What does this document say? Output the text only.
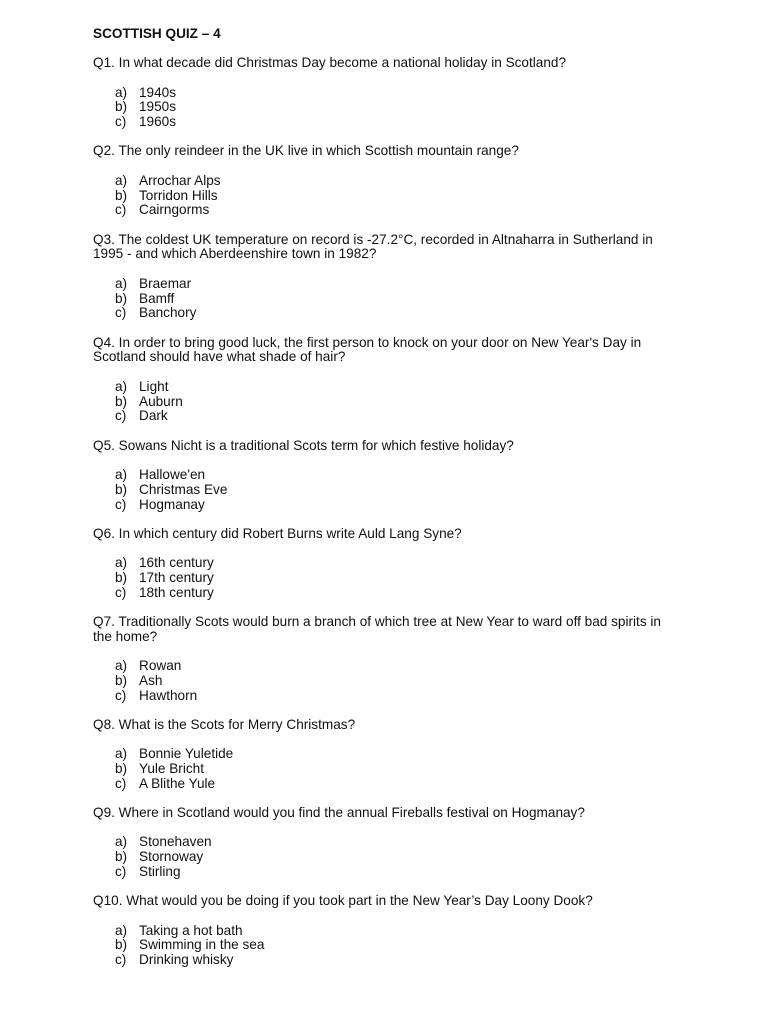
SCOTTISH QUIZ – 4
Q1. In what decade did Christmas Day become a national holiday in Scotland?
a) 1940s
b) 1950s
c) 1960s
Q2. The only reindeer in the UK live in which Scottish mountain range?
a) Arrochar Alps
b) Torridon Hills
c) Cairngorms
Q3. The coldest UK temperature on record is -27.2°C, recorded in Altnaharra in Sutherland in 1995 - and which Aberdeenshire town in 1982?
a) Braemar
b) Bamff
c) Banchory
Q4. In order to bring good luck, the first person to knock on your door on New Year's Day in Scotland should have what shade of hair?
a) Light
b) Auburn
c) Dark
Q5. Sowans Nicht is a traditional Scots term for which festive holiday?
a) Hallowe'en
b) Christmas Eve
c) Hogmanay
Q6. In which century did Robert Burns write Auld Lang Syne?
a) 16th century
b) 17th century
c) 18th century
Q7. Traditionally Scots would burn a branch of which tree at New Year to ward off bad spirits in the home?
a) Rowan
b) Ash
c) Hawthorn
Q8. What is the Scots for Merry Christmas?
a) Bonnie Yuletide
b) Yule Bricht
c) A Blithe Yule
Q9. Where in Scotland would you find the annual Fireballs festival on Hogmanay?
a) Stonehaven
b) Stornoway
c) Stirling
Q10. What would you be doing if you took part in the New Year’s Day Loony Dook?
a) Taking a hot bath
b) Swimming in the sea
c) Drinking whisky
